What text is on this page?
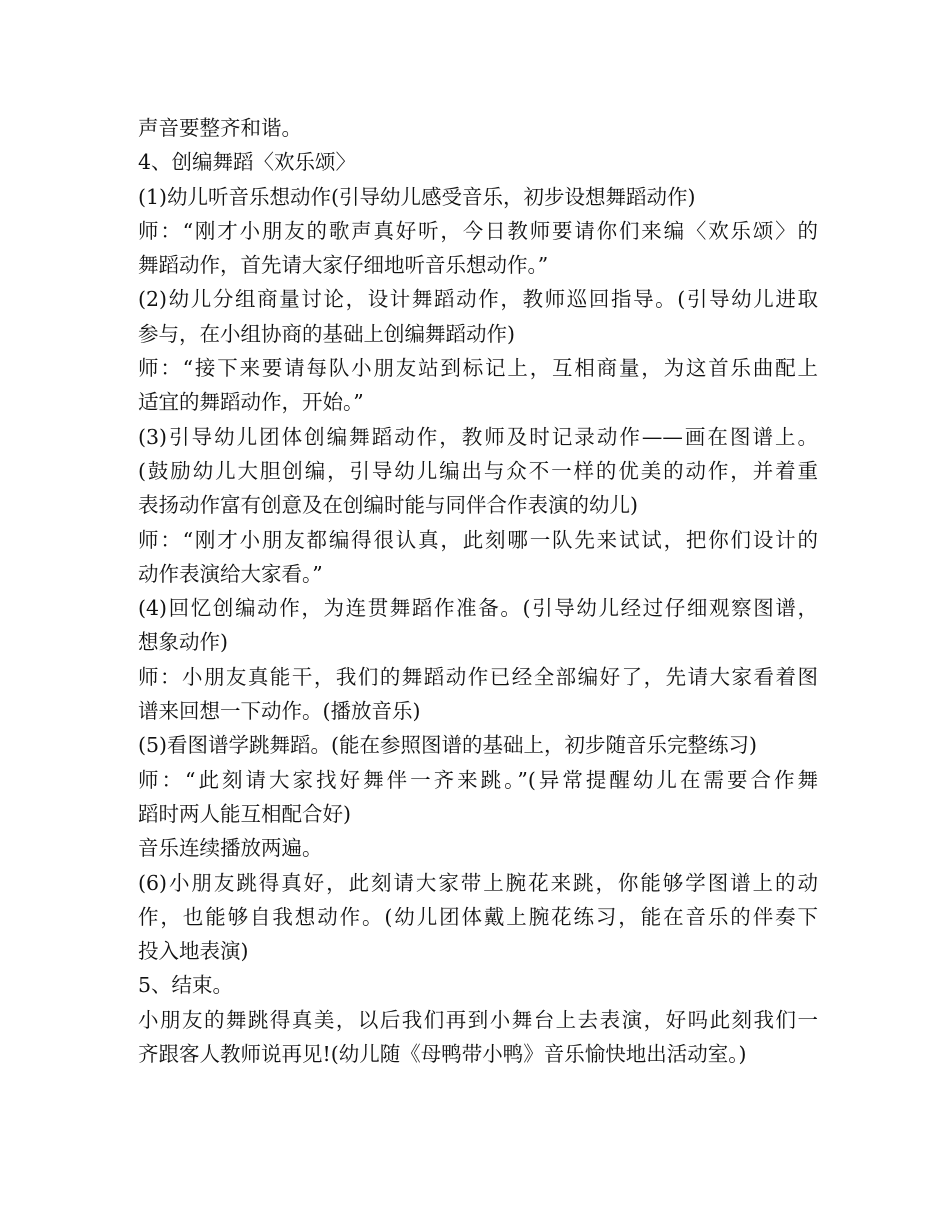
声音要整齐和谐。
4、创编舞蹈〈欢乐颂〉
(1)幼儿听音乐想动作(引导幼儿感受音乐，初步设想舞蹈动作)
师：“刚才小朋友的歌声真好听，今日教师要请你们来编〈欢乐颂〉的
舞蹈动作，首先请大家仔细地听音乐想动作。”
(2)幼儿分组商量讨论，设计舞蹈动作，教师巡回指导。(引导幼儿进取
参与，在小组协商的基础上创编舞蹈动作)
师：“接下来要请每队小朋友站到标记上，互相商量，为这首乐曲配上
适宜的舞蹈动作，开始。”
(3)引导幼儿团体创编舞蹈动作，教师及时记录动作——画在图谱上。
(鼓励幼儿大胆创编，引导幼儿编出与众不一样的优美的动作，并着重
表扬动作富有创意及在创编时能与同伴合作表演的幼儿)
师：“刚才小朋友都编得很认真，此刻哪一队先来试试，把你们设计的
动作表演给大家看。”
(4)回忆创编动作，为连贯舞蹈作准备。(引导幼儿经过仔细观察图谱，
想象动作)
师：小朋友真能干，我们的舞蹈动作已经全部编好了，先请大家看着图
谱来回想一下动作。(播放音乐)
(5)看图谱学跳舞蹈。(能在参照图谱的基础上，初步随音乐完整练习)
师：“此刻请大家找好舞伴一齐来跳。”(异常提醒幼儿在需要合作舞
蹈时两人能互相配合好)
音乐连续播放两遍。
(6)小朋友跳得真好，此刻请大家带上腕花来跳，你能够学图谱上的动
作，也能够自我想动作。(幼儿团体戴上腕花练习，能在音乐的伴奏下
投入地表演)
5、结束。
小朋友的舞跳得真美，以后我们再到小舞台上去表演，好吗此刻我们一
齐跟客人教师说再见!(幼儿随《母鸭带小鸭》音乐愉快地出活动室。)
